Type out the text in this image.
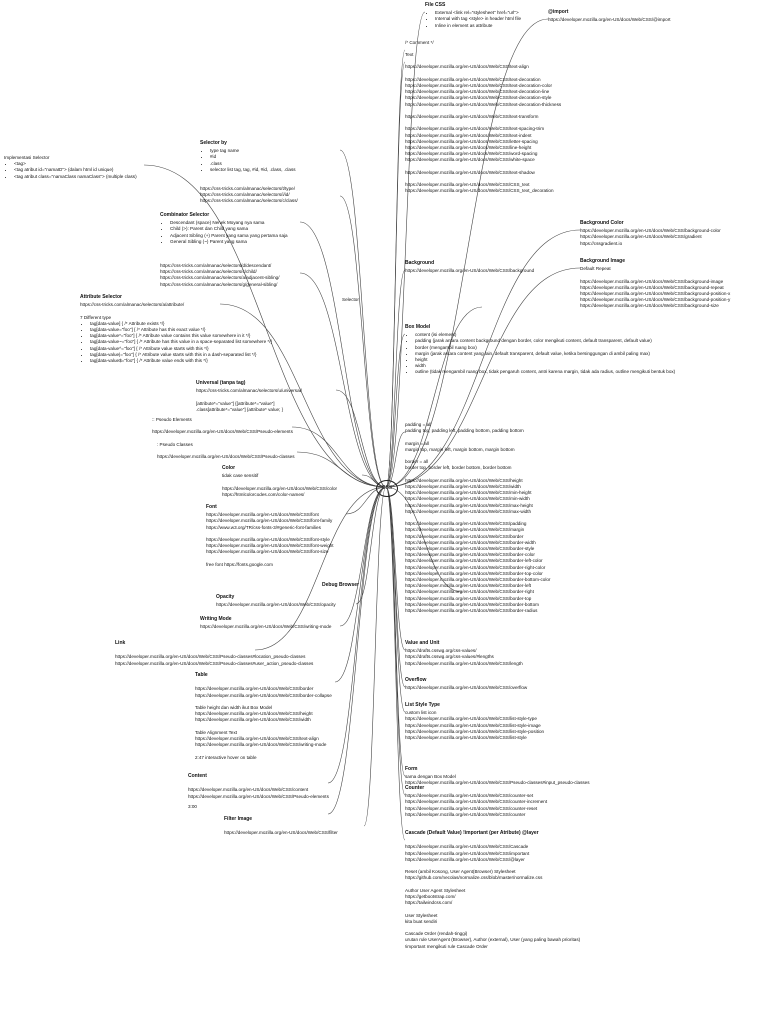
CSS
File CSS
• External <link rel="stylesheet" href="url">
• Internal with tag <style> in header html file
• Inline in element as attribute
@import
https://developer.mozilla.org/en-US/docs/Web/CSS/@import
/* Comment */
Text

https://developer.mozilla.org/en-US/docs/Web/CSS/text-align

https://developer.mozilla.org/en-US/docs/Web/CSS/text-decoration
https://developer.mozilla.org/en-US/docs/Web/CSS/text-decoration-color
https://developer.mozilla.org/en-US/docs/Web/CSS/text-decoration-line
https://developer.mozilla.org/en-US/docs/Web/CSS/text-decoration-style
https://developer.mozilla.org/en-US/docs/Web/CSS/text-decoration-thickness

https://developer.mozilla.org/en-US/docs/Web/CSS/text-transform

https://developer.mozilla.org/en-US/docs/Web/CSS/text-spacing-trim
https://developer.mozilla.org/en-US/docs/Web/CSS/text-indent
https://developer.mozilla.org/en-US/docs/Web/CSS/letter-spacing
https://developer.mozilla.org/en-US/docs/Web/CSS/line-height
https://developer.mozilla.org/en-US/docs/Web/CSS/word-spacing
https://developer.mozilla.org/en-US/docs/Web/CSS/white-space

https://developer.mozilla.org/en-US/docs/Web/CSS/text-shadow

https://developer.mozilla.org/en-US/docs/Web/CSS/CSS_text
https://developer.mozilla.org/en-US/docs/Web/CSS/CSS_text_decoration
Background Color
https://developer.mozilla.org/en-US/docs/Web/CSS/background-color
https://developer.mozilla.org/en-US/docs/Web/CSS/gradient
https://cssgradient.io
Background Image
Default Repeat

https://developer.mozilla.org/en-US/docs/Web/CSS/background-image
https://developer.mozilla.org/en-US/docs/Web/CSS/background-repeat
https://developer.mozilla.org/en-US/docs/Web/CSS/background-position-x
https://developer.mozilla.org/en-US/docs/Web/CSS/background-position-y
https://developer.mozilla.org/en-US/docs/Web/CSS/background-size
Background
https://developer.mozilla.org/en-US/docs/Web/CSS/background
Box Model
• content (isi element)
• padding (jarak antara content background dengan border, color mengikuti content, default transparent, default value)
• border (mengambil ruang box)
• margin (jarak antara content yang lain, default transparent, default value, ketika bersinggungan di ambil paling max)
• height
• width
• outline (tidak mengambil ruang box, tidak pengaruh content, antri karena margin, tidak ada radius, outline mengikuti bentuk box)
padding = all
padding top, padding left, padding bottom, padding bottom

margin = all
margin top, margin left, margin bottom, margin bottom

border = all
border top, border left, border bottom, border bottom

https://developer.mozilla.org/en-US/docs/Web/CSS/height
https://developer.mozilla.org/en-US/docs/Web/CSS/width
https://developer.mozilla.org/en-US/docs/Web/CSS/min-height
https://developer.mozilla.org/en-US/docs/Web/CSS/min-width
https://developer.mozilla.org/en-US/docs/Web/CSS/max-height
https://developer.mozilla.org/en-US/docs/Web/CSS/max-width

https://developer.mozilla.org/en-US/docs/Web/CSS/padding
https://developer.mozilla.org/en-US/docs/Web/CSS/margin
https://developer.mozilla.org/en-US/docs/Web/CSS/border
https://developer.mozilla.org/en-US/docs/Web/CSS/border-width
https://developer.mozilla.org/en-US/docs/Web/CSS/border-style
https://developer.mozilla.org/en-US/docs/Web/CSS/border-color
https://developer.mozilla.org/en-US/docs/Web/CSS/border-left-color
https://developer.mozilla.org/en-US/docs/Web/CSS/border-right-color
https://developer.mozilla.org/en-US/docs/Web/CSS/border-top-color
https://developer.mozilla.org/en-US/docs/Web/CSS/border-bottom-color
https://developer.mozilla.org/en-US/docs/Web/CSS/border-left
https://developer.mozilla.org/en-US/docs/Web/CSS/border-right
https://developer.mozilla.org/en-US/docs/Web/CSS/border-top
https://developer.mozilla.org/en-US/docs/Web/CSS/border-bottom
https://developer.mozilla.org/en-US/docs/Web/CSS/border-radius
Value and Unit
https://drafts.csswg.org/css-values/
https://drafts.csswg.org/css-values/#lengths
https://developer.mozilla.org/en-US/docs/Web/CSS/length
Overflow
https://developer.mozilla.org/en-US/docs/Web/CSS/overflow
List Style Type
custom list icon
https://developer.mozilla.org/en-US/docs/Web/CSS/list-style-type
https://developer.mozilla.org/en-US/docs/Web/CSS/list-style-image
https://developer.mozilla.org/en-US/docs/Web/CSS/list-style-position
https://developer.mozilla.org/en-US/docs/Web/CSS/list-style
Form
sama dengan Box Model
https://developer.mozilla.org/en-US/docs/Web/CSS/Pseudo-classes#input_pseudo-classes
Counter
https://developer.mozilla.org/en-US/docs/Web/CSS/counter-set
https://developer.mozilla.org/en-US/docs/Web/CSS/counter-increment
https://developer.mozilla.org/en-US/docs/Web/CSS/counter-reset
https://developer.mozilla.org/en-US/docs/Web/CSS/counter
Cascade (Default Value) !important (per Atribute) @layer

https://developer.mozilla.org/en-US/docs/Web/CSS/Cascade
https://developer.mozilla.org/en-US/docs/Web/CSS/important
https://developer.mozilla.org/en-US/docs/Web/CSS/@layer

Reset (ambil Kosong, User Agent(Browser) Stylesheet
https://github.com/necolas/normalize.css/blob/master/normalize.css

Author User Agent Stylesheet
https://getbootstrap.com/
https://tailwindcss.com/

User Stylesheet
kita buat sendiri

Cascade Order (rendah-tinggi)
urutan rule UserAgent (Browser), Author (external), User (yang paling bawah prioritas)
!important mengikuti rule Cascade Order
Implementasi Selector
• <tag>
• <tag atribut id="namaID"> (dalam html id unique)
• <tag atribut class="namaClass namaClass"> (multiple class)
Selector by
• type tag name
• #id
• .class
• selector list tag, tag, #id, #id, .class, .class
https://css-tricks.com/almanac/selectors/t/type/
https://css-tricks.com/almanac/selectors/i/id/
https://css-tricks.com/almanac/selectors/c/class/
Combinator Selector
• Descendant (space) Nenek Moyang nya sama
• Child (>): Parent dan Child yang sama
• Adjacent Sibling (+) Parent yang sama yang pertama saja
• General Sibling (~) Parent yang sama
https://css-tricks.com/almanac/selectors/d/descendant/
https://css-tricks.com/almanac/selectors/c/child/
https://css-tricks.com/almanac/selectors/a/adjacent-sibling/
https://css-tricks.com/almanac/selectors/g/general-sibling/
Attribute Selector
https://css-tricks.com/almanac/selectors/a/attribute/

7 Different type
• tag[data-value] { /* Attribute exists */}
• tag[data-value="foo"] { /* Attribute has this exact value */}
• tag[data-value*="foo"] { /* Attribute value contains this value somewhere in it */}
• tag[data-value~="foo"] { /* Attribute has this value in a space-separated list somewhere */}
• tag[data-value^="foo"] { /* Attribute value starts with this */}
• tag[data-value|="foo"] { /* Attribute value starts with this in a dash-separated list */}
• tag[data-value$="foo"] { /* Attribute value ends with this */}
Selector
Universal (tanpa tag)
https://css-tricks.com/almanac/selectors/u/universal/

[attribute*="value"] {[attribute*="value"]
.class[attribute*="value"] {attribute* value; }
:: Pseudo Elements

https://developer.mozilla.org/en-US/docs/Web/CSS/Pseudo-elements
: Pseudo Classes

https://developer.mozilla.org/en-US/docs/Web/CSS/Pseudo-classes
Color
tidak case sensitif

https://developer.mozilla.org/en-US/docs/Web/CSS/color
https://htmlcolorcodes.com/color-names/
Font
https://developer.mozilla.org/en-US/docs/Web/CSS/font
https://developer.mozilla.org/en-US/docs/Web/CSS/font-family
https://www.w3.org/TR/css-fonts-3/#generic-font-families

https://developer.mozilla.org/en-US/docs/Web/CSS/font-style
https://developer.mozilla.org/en-US/docs/Web/CSS/font-weight
https://developer.mozilla.org/en-US/docs/Web/CSS/font-size

free font https://fonts.google.com
Debug Browser
Opacity
https://developer.mozilla.org/en-US/docs/Web/CSS/opacity
Writing Mode
https://developer.mozilla.org/en-US/docs/Web/CSS/writing-mode
Link

https://developer.mozilla.org/en-US/docs/Web/CSS/Pseudo-classes#location_pseudo-classes
https://developer.mozilla.org/en-US/docs/Web/CSS/Pseudo-classes#user_action_pseudo-classes
Table

https://developer.mozilla.org/en-US/docs/Web/CSS/border
https://developer.mozilla.org/en-US/docs/Web/CSS/border-collapse

Table height dan width ikut Box Model
https://developer.mozilla.org/en-US/docs/Web/CSS/height
https://developer.mozilla.org/en-US/docs/Web/CSS/width

Table Alignment Text
https://developer.mozilla.org/en-US/docs/Web/CSS/text-align
https://developer.mozilla.org/en-US/docs/Web/CSS/writing-mode

2:47 interactive hover on table
Content

https://developer.mozilla.org/en-US/docs/Web/CSS/content
https://developer.mozilla.org/en-US/docs/Web/CSS/Pseudo-elements
3:00
Filter Image

https://developer.mozilla.org/en-US/docs/Web/CSS/filter
